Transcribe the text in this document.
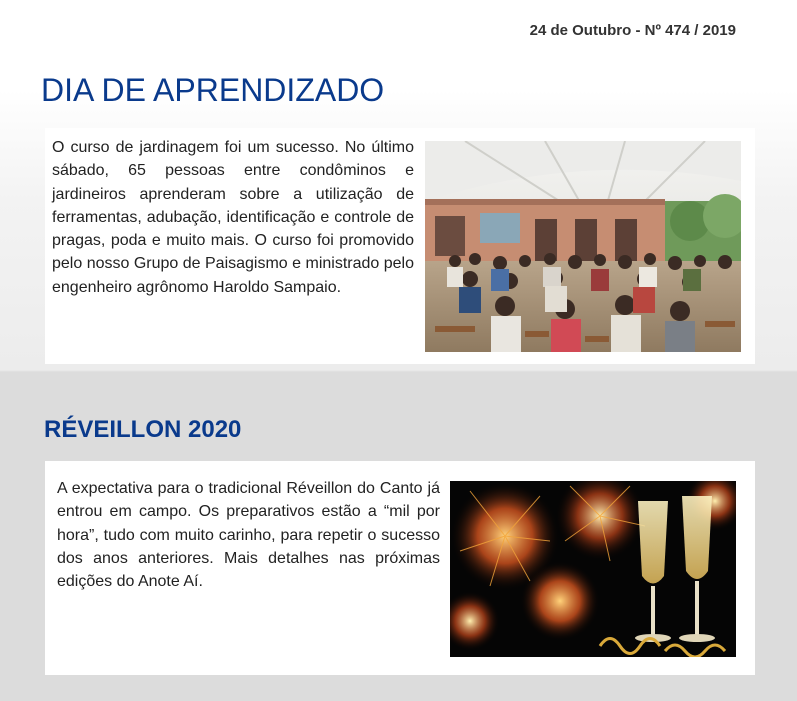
24 de Outubro - Nº 474 / 2019
DIA DE APRENDIZADO
O curso de jardinagem foi um sucesso. No último sábado, 65 pessoas entre condôminos e jardineiros aprenderam sobre a utilização de ferramentas, adubação, identificação e controle de pragas, poda e muito mais. O curso foi promovido pelo nosso Grupo de Paisagismo e ministrado pelo engenheiro agrônomo Haroldo Sampaio.
RÉVEILLON 2020
A expectativa para o tradicional Réveillon do Canto já entrou em campo. Os preparativos estão a “mil por hora”, tudo com muito carinho, para repetir o sucesso dos anos anteriores. Mais detalhes nas próximas edições do Anote Aí.
